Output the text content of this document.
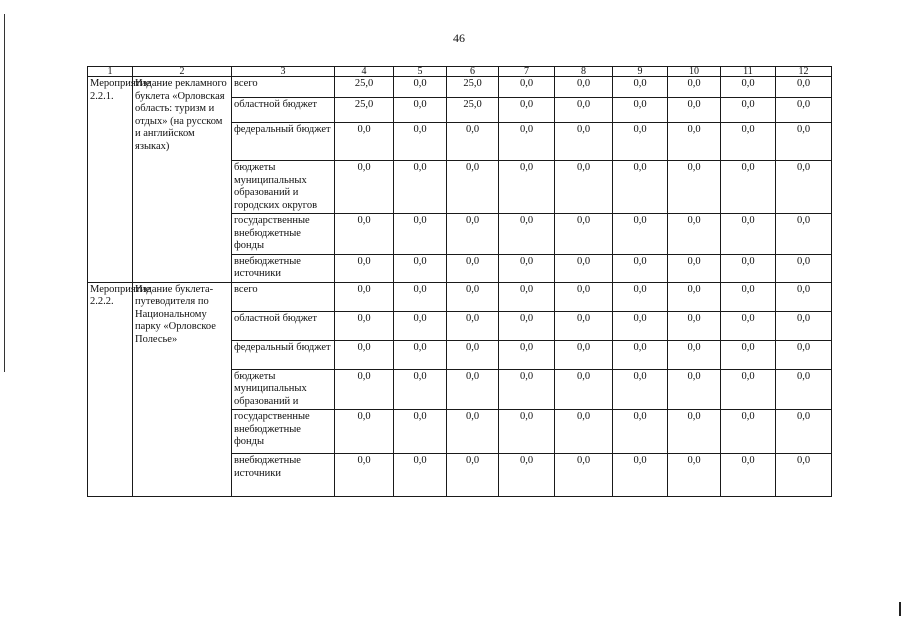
46
1	2	3	4	5	6	7	8	9	10	11	12
Мероприятие 2.2.1.	Издание рекламного буклета «Орловская область: туризм и отдых» (на русском и английском языках)	всего	25,0	0,0	25,0	0,0	0,0	0,0	0,0	0,0	0,0
		областной бюджет	25,0	0,0	25,0	0,0	0,0	0,0	0,0	0,0	0,0
		федеральный бюджет	0,0	0,0	0,0	0,0	0,0	0,0	0,0	0,0	0,0
		бюджеты муниципальных образований и городских округов	0,0	0,0	0,0	0,0	0,0	0,0	0,0	0,0	0,0
		государственные внебюджетные фонды	0,0	0,0	0,0	0,0	0,0	0,0	0,0	0,0	0,0
		внебюджетные источники	0,0	0,0	0,0	0,0	0,0	0,0	0,0	0,0	0,0
Мероприятие 2.2.2.	Издание буклета-путеводителя по Национальному парку «Орловское Полесье»	всего	0,0	0,0	0,0	0,0	0,0	0,0	0,0	0,0	0,0
		областной бюджет	0,0	0,0	0,0	0,0	0,0	0,0	0,0	0,0	0,0
		федеральный бюджет	0,0	0,0	0,0	0,0	0,0	0,0	0,0	0,0	0,0
		бюджеты муниципальных образований и	0,0	0,0	0,0	0,0	0,0	0,0	0,0	0,0	0,0
		государственные внебюджетные фонды	0,0	0,0	0,0	0,0	0,0	0,0	0,0	0,0	0,0
		внебюджетные источники	0,0	0,0	0,0	0,0	0,0	0,0	0,0	0,0	0,0
